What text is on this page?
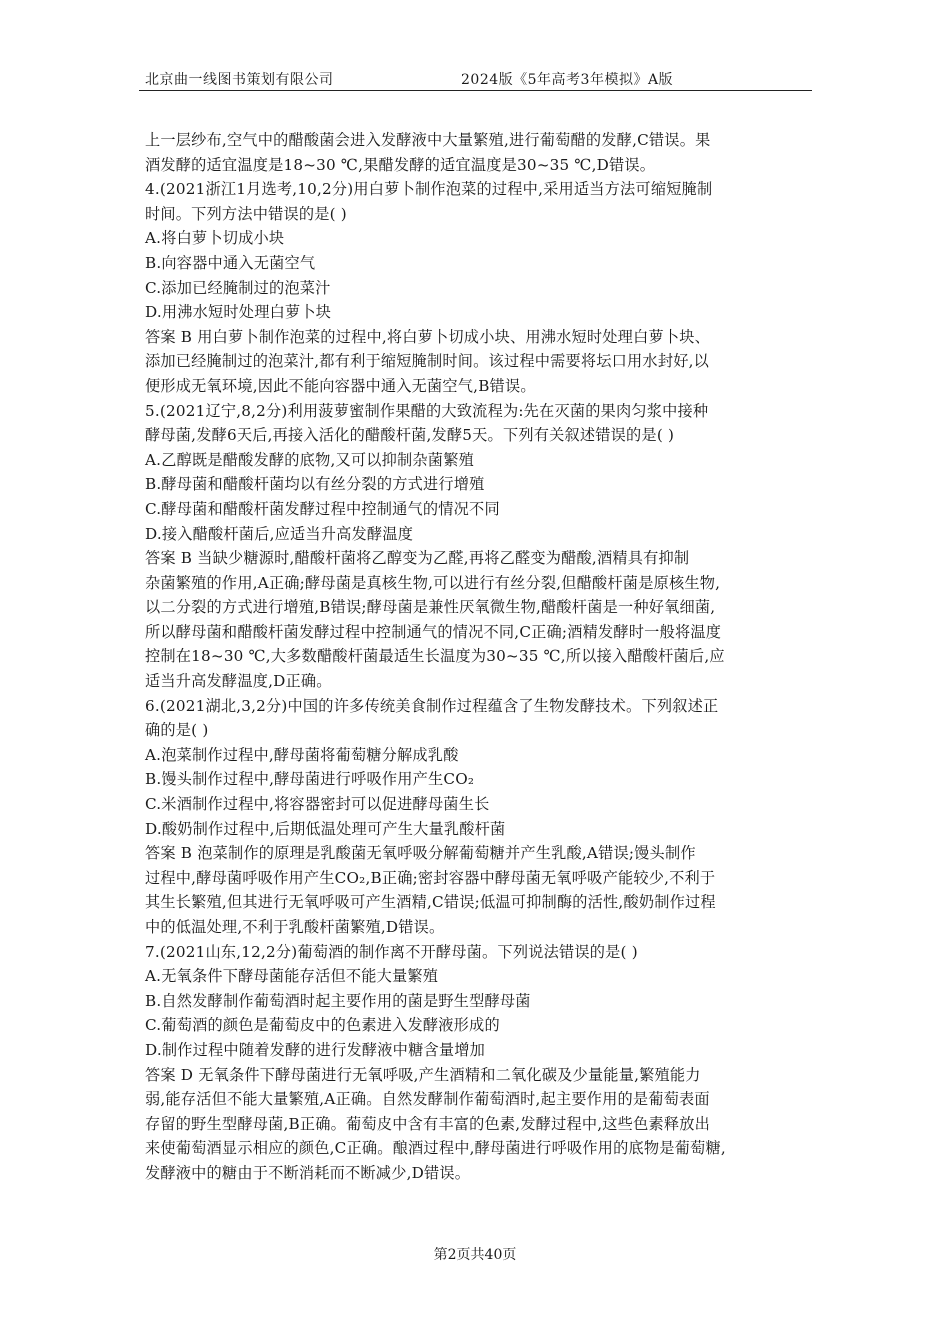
北京曲一线图书策划有限公司	2024版《5年高考3年模拟》A版
上一层纱布,空气中的醋酸菌会进入发酵液中大量繁殖,进行葡萄醋的发酵,C错误。果
酒发酵的适宜温度是18~30 ℃,果醋发酵的适宜温度是30~35 ℃,D错误。
4.(2021浙江1月选考,10,2分)用白萝卜制作泡菜的过程中,采用适当方法可缩短腌制
时间。下列方法中错误的是( )
A.将白萝卜切成小块
B.向容器中通入无菌空气
C.添加已经腌制过的泡菜汁
D.用沸水短时处理白萝卜块
答案 B 用白萝卜制作泡菜的过程中,将白萝卜切成小块、用沸水短时处理白萝卜块、
添加已经腌制过的泡菜汁,都有利于缩短腌制时间。该过程中需要将坛口用水封好,以
便形成无氧环境,因此不能向容器中通入无菌空气,B错误。
5.(2021辽宁,8,2分)利用菠萝蜜制作果醋的大致流程为:先在灭菌的果肉匀浆中接种
酵母菌,发酵6天后,再接入活化的醋酸杆菌,发酵5天。下列有关叙述错误的是( )
A.乙醇既是醋酸发酵的底物,又可以抑制杂菌繁殖
B.酵母菌和醋酸杆菌均以有丝分裂的方式进行增殖
C.酵母菌和醋酸杆菌发酵过程中控制通气的情况不同
D.接入醋酸杆菌后,应适当升高发酵温度
答案 B 当缺少糖源时,醋酸杆菌将乙醇变为乙醛,再将乙醛变为醋酸,酒精具有抑制
杂菌繁殖的作用,A正确;酵母菌是真核生物,可以进行有丝分裂,但醋酸杆菌是原核生物,
以二分裂的方式进行增殖,B错误;酵母菌是兼性厌氧微生物,醋酸杆菌是一种好氧细菌,
所以酵母菌和醋酸杆菌发酵过程中控制通气的情况不同,C正确;酒精发酵时一般将温度
控制在18~30 ℃,大多数醋酸杆菌最适生长温度为30~35 ℃,所以接入醋酸杆菌后,应
适当升高发酵温度,D正确。
6.(2021湖北,3,2分)中国的许多传统美食制作过程蕴含了生物发酵技术。下列叙述正
确的是( )
A.泡菜制作过程中,酵母菌将葡萄糖分解成乳酸
B.馒头制作过程中,酵母菌进行呼吸作用产生CO₂
C.米酒制作过程中,将容器密封可以促进酵母菌生长
D.酸奶制作过程中,后期低温处理可产生大量乳酸杆菌
答案 B 泡菜制作的原理是乳酸菌无氧呼吸分解葡萄糖并产生乳酸,A错误;馒头制作
过程中,酵母菌呼吸作用产生CO₂,B正确;密封容器中酵母菌无氧呼吸产能较少,不利于
其生长繁殖,但其进行无氧呼吸可产生酒精,C错误;低温可抑制酶的活性,酸奶制作过程
中的低温处理,不利于乳酸杆菌繁殖,D错误。
7.(2021山东,12,2分)葡萄酒的制作离不开酵母菌。下列说法错误的是( )
A.无氧条件下酵母菌能存活但不能大量繁殖
B.自然发酵制作葡萄酒时起主要作用的菌是野生型酵母菌
C.葡萄酒的颜色是葡萄皮中的色素进入发酵液形成的
D.制作过程中随着发酵的进行发酵液中糖含量增加
答案 D 无氧条件下酵母菌进行无氧呼吸,产生酒精和二氧化碳及少量能量,繁殖能力
弱,能存活但不能大量繁殖,A正确。自然发酵制作葡萄酒时,起主要作用的是葡萄表面
存留的野生型酵母菌,B正确。葡萄皮中含有丰富的色素,发酵过程中,这些色素释放出
来使葡萄酒显示相应的颜色,C正确。酿酒过程中,酵母菌进行呼吸作用的底物是葡萄糖,
发酵液中的糖由于不断消耗而不断减少,D错误。
第2页共40页
